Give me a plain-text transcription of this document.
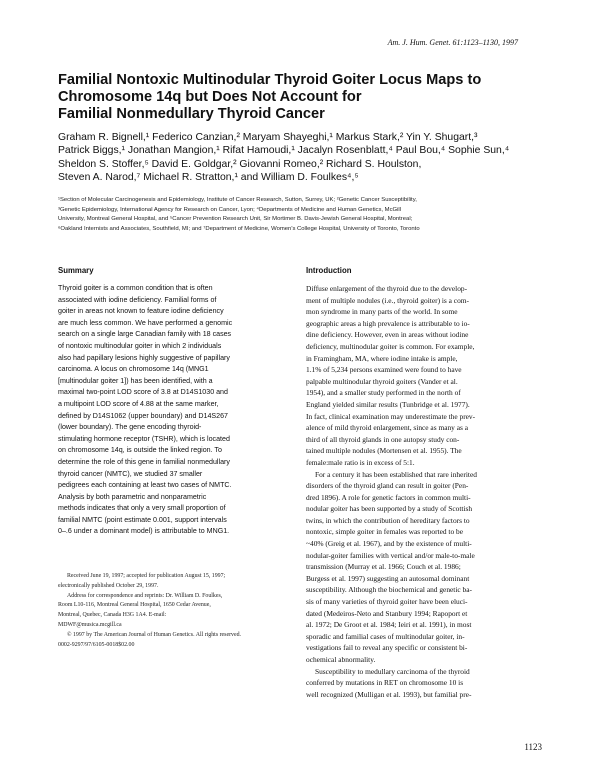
Am. J. Hum. Genet. 61:1123–1130, 1997
Familial Nontoxic Multinodular Thyroid Goiter Locus Maps to
Chromosome 14q but Does Not Account for
Familial Nonmedullary Thyroid Cancer
Graham R. Bignell,¹ Federico Canzian,² Maryam Shayeghi,¹ Markus Stark,² Yin Y. Shugart,³
Patrick Biggs,¹ Jonathan Mangion,¹ Rifat Hamoudi,¹ Jacalyn Rosenblatt,⁴ Paul Bou,⁴ Sophie Sun,⁴
Sheldon S. Stoffer,⁵ David E. Goldgar,² Giovanni Romeo,² Richard S. Houlston,
Steven A. Narod,⁷ Michael R. Stratton,¹ and William D. Foulkes⁴,⁵
¹Section of Molecular Carcinogenesis and Epidemiology, Institute of Cancer Research, Sutton, Surrey, UK; ²Genetic Cancer Susceptibility,
³Genetic Epidemiology, International Agency for Research on Cancer, Lyon; ⁴Departments of Medicine and Human Genetics, McGill
University, Montreal General Hospital, and ⁵Cancer Prevention Research Unit, Sir Mortimer B. Davis-Jewish General Hospital, Montreal;
⁶Oakland Internists and Associates, Southfield, MI; and ⁷Department of Medicine, Women's College Hospital, University of Toronto, Toronto
Summary	Introduction
Thyroid goiter is a common condition that is often
associated with iodine deficiency. Familial forms of
goiter in areas not known to feature iodine deficiency
are much less common. We have performed a genomic
search on a single large Canadian family with 18 cases
of nontoxic multinodular goiter in which 2 individuals
also had papillary lesions highly suggestive of papillary
carcinoma. A locus on chromosome 14q (MNG1
[multinodular goiter 1]) has been identified, with a
maximal two-point LOD score of 3.8 at D14S1030 and
a multipoint LOD score of 4.88 at the same marker,
defined by D14S1062 (upper boundary) and D14S267
(lower boundary). The gene encoding thyroid-
stimulating hormone receptor (TSHR), which is located
on chromosome 14q, is outside the linked region. To
determine the role of this gene in familial nonmedullary
thyroid cancer (NMTC), we studied 37 smaller
pedigrees each containing at least two cases of NMTC.
Analysis by both parametric and nonparametric
methods indicates that only a very small proportion of
familial NMTC (point estimate 0.001, support intervals
0–.6 under a dominant model) is attributable to MNG1.
Received June 19, 1997; accepted for publication August 15, 1997;
electronically published October 29, 1997.
Address for correspondence and reprints: Dr. William D. Foulkes,
Room L10-116, Montreal General Hospital, 1650 Cedar Avenue,
Montreal, Quebec, Canada H3G 1A4. E-mail:
MDWF@musica.mcgill.ca
© 1997 by The American Journal of Human Genetics. All rights reserved.
0002-9297/97/6105-0018$02.00
Diffuse enlargement of the thyroid due to the develop-
ment of multiple nodules (i.e., thyroid goiter) is a com-
mon syndrome in many parts of the world. In some
geographic areas a high prevalence is attributable to io-
dine deficiency. However, even in areas without iodine
deficiency, multinodular goiter is common. For example,
in Framingham, MA, where iodine intake is ample,
1.1% of 5,234 persons examined were found to have
palpable multinodular thyroid goiters (Vander et al.
1954), and a smaller study performed in the north of
England yielded similar results (Tunbridge et al. 1977).
In fact, clinical examination may underestimate the prev-
alence of mild thyroid enlargement, since as many as a
third of all thyroid glands in one autopsy study con-
tained multiple nodules (Mortensen et al. 1955). The
female:male ratio is in excess of 5:1.
For a century it has been established that rare inherited
disorders of the thyroid gland can result in goiter (Pen-
dred 1896). A role for genetic factors in common multi-
nodular goiter has been supported by a study of Scottish
twins, in which the contribution of hereditary factors to
nontoxic, simple goiter in females was reported to be
~40% (Greig et al. 1967), and by the existence of multi-
nodular-goiter families with vertical and/or male-to-male
transmission (Murray et al. 1966; Couch et al. 1986;
Burgess et al. 1997) suggesting an autosomal dominant
susceptibility. Although the biochemical and genetic ba-
sis of many varieties of thyroid goiter have been eluci-
dated (Medeiros-Neto and Stanbury 1994; Rapoport et
al. 1972; De Groot et al. 1984; Ieiri et al. 1991), in most
sporadic and familial cases of multinodular goiter, in-
vestigations fail to reveal any specific or consistent bi-
ochemical abnormality.
Susceptibility to medullary carcinoma of the thyroid
conferred by mutations in RET on chromosome 10 is
well recognized (Mulligan et al. 1993), but familial pre-
1123
